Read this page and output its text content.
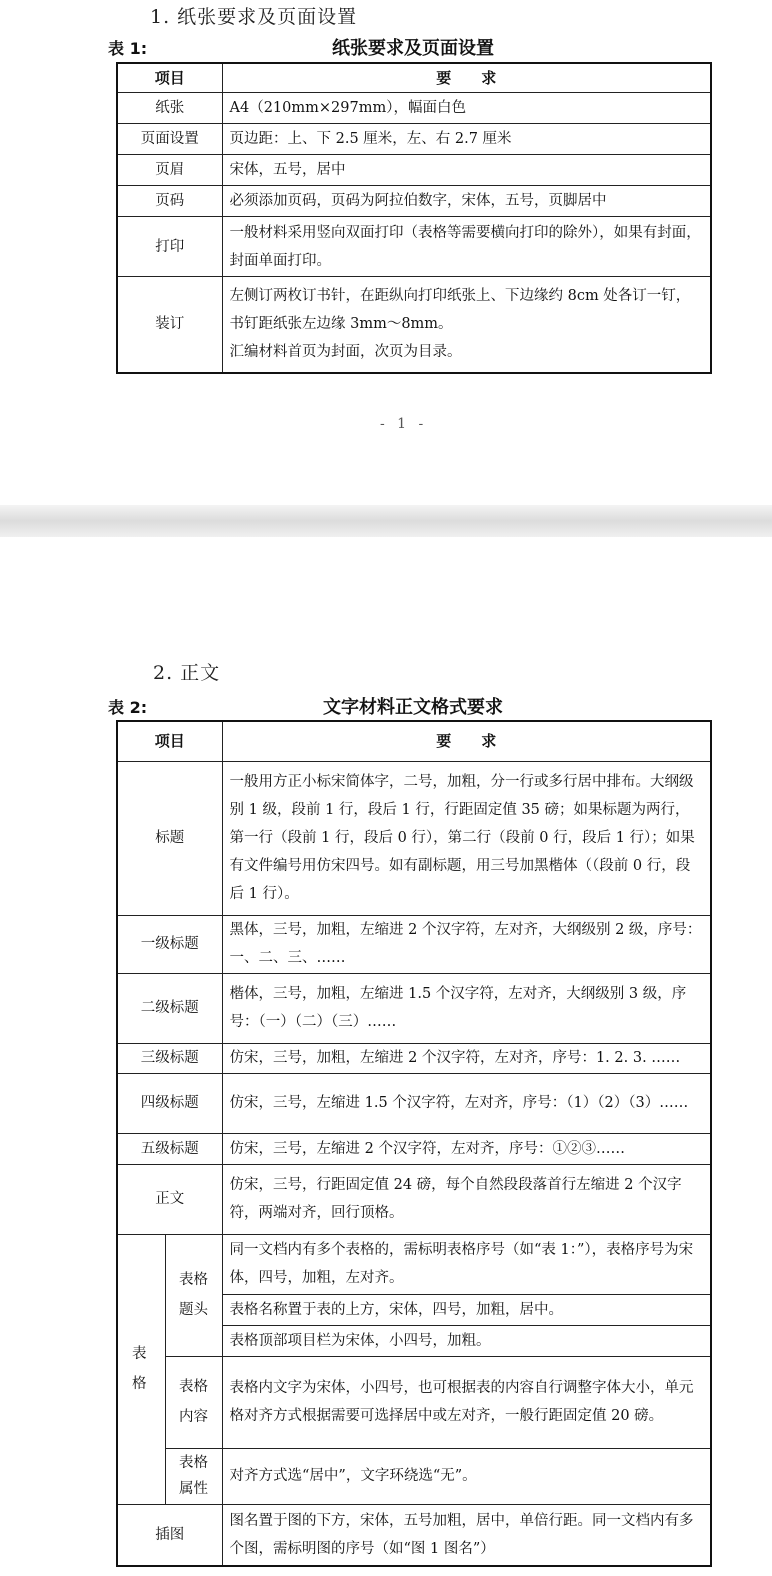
1. 纸张要求及页面设置
表 1:	纸张要求及页面设置
项目	要　　求
纸张	A4（210mm×297mm），幅面白色
页面设置	页边距：上、下 2.5 厘米，左、右 2.7 厘米
页眉	宋体，五号，居中
页码	必须添加页码，页码为阿拉伯数字，宋体，五号，页脚居中
打印	一般材料采用竖向双面打印（表格等需要横向打印的除外），如果有封面，封面单面打印。
装订	左侧订两枚订书针，在距纵向打印纸张上、下边缘约 8cm 处各订一钉，书钉距纸张左边缘 3mm～8mm。
汇编材料首页为封面，次页为目录。
- 1 -
2. 正文
表 2:	文字材料正文格式要求
项目		要　　求
标题		一般用方正小标宋简体字，二号，加粗，分一行或多行居中排布。大纲级别 1 级，段前 1 行，段后 1 行，行距固定值 35 磅；如果标题为两行，第一行（段前 1 行，段后 0 行），第二行（段前 0 行，段后 1 行）；如果有文件编号用仿宋四号。如有副标题，用三号加黑楷体（（段前 0 行，段后 1 行）。
一级标题		黑体，三号，加粗，左缩进 2 个汉字符，左对齐，大纲级别 2 级，序号：一、二、三、……
二级标题		楷体，三号，加粗，左缩进 1.5 个汉字符，左对齐，大纲级别 3 级，序号：（一）（二）（三）……
三级标题		仿宋，三号，加粗，左缩进 2 个汉字符，左对齐，序号：1. 2. 3. ……
四级标题		仿宋，三号，左缩进 1.5 个汉字符，左对齐，序号：（1）（2）（3）……
五级标题		仿宋，三号，左缩进 2 个汉字符，左对齐，序号：①②③……
正文		仿宋，三号，行距固定值 24 磅，每个自然段段落首行左缩进 2 个汉字符，两端对齐，回行顶格。
表格	表格题头	同一文档内有多个表格的，需标明表格序号（如“表 1：”），表格序号为宋体，四号，加粗，左对齐。
		表格名称置于表的上方，宋体，四号，加粗，居中。
		表格顶部项目栏为宋体，小四号，加粗。
	表格内容	表格内文字为宋体，小四号，也可根据表的内容自行调整字体大小，单元格对齐方式根据需要可选择居中或左对齐，一般行距固定值 20 磅。
	表格属性	对齐方式选“居中”，文字环绕选“无”。
插图		图名置于图的下方，宋体，五号加粗，居中，单倍行距。同一文档内有多个图，需标明图的序号（如“图 1 图名”）
